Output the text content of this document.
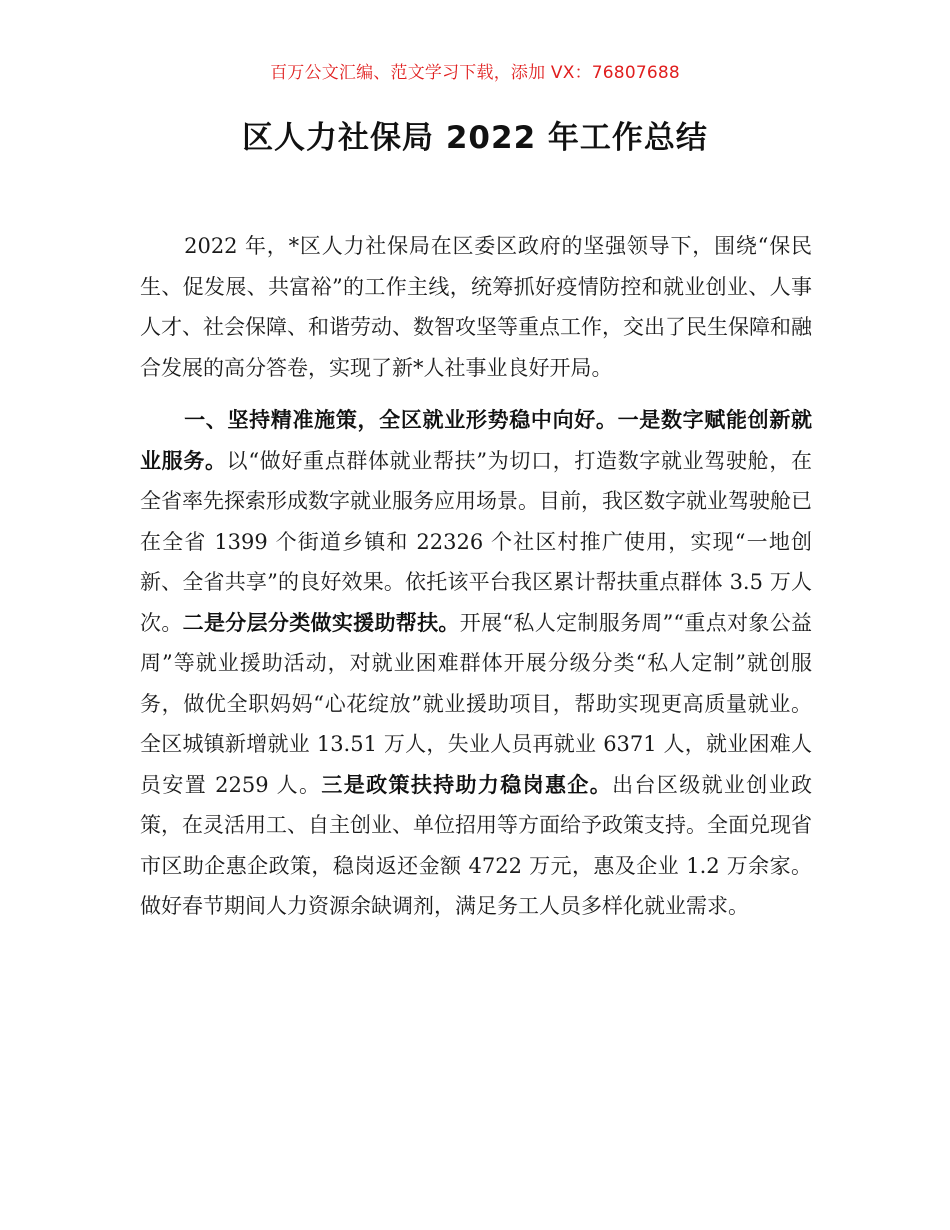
百万公文汇编、范文学习下载，添加 VX：76807688
区人力社保局 2022 年工作总结

2022 年，*区人力社保局在区委区政府的坚强领导下，围绕“保民生、促发展、共富裕”的工作主线，统筹抓好疫情防控和就业创业、人事人才、社会保障、和谐劳动、数智攻坚等重点工作，交出了民生保障和融合发展的高分答卷，实现了新*人社事业良好开局。

一、坚持精准施策，全区就业形势稳中向好。一是数字赋能创新就业服务。以“做好重点群体就业帮扶”为切口，打造数字就业驾驶舱，在全省率先探索形成数字就业服务应用场景。目前，我区数字就业驾驶舱已在全省 1399 个街道乡镇和 22326 个社区村推广使用，实现“一地创新、全省共享”的良好效果。依托该平台我区累计帮扶重点群体 3.5 万人次。二是分层分类做实援助帮扶。开展“私人定制服务周”“重点对象公益周”等就业援助活动，对就业困难群体开展分级分类“私人定制”就创服务，做优全职妈妈“心花绽放”就业援助项目，帮助实现更高质量就业。全区城镇新增就业 13.51 万人，失业人员再就业 6371 人，就业困难人员安置 2259 人。三是政策扶持助力稳岗惠企。出台区级就业创业政策，在灵活用工、自主创业、单位招用等方面给予政策支持。全面兑现省市区助企惠企政策，稳岗返还金额 4722 万元，惠及企业 1.2 万余家。做好春节期间人力资源余缺调剂，满足务工人员多样化就业需求。
